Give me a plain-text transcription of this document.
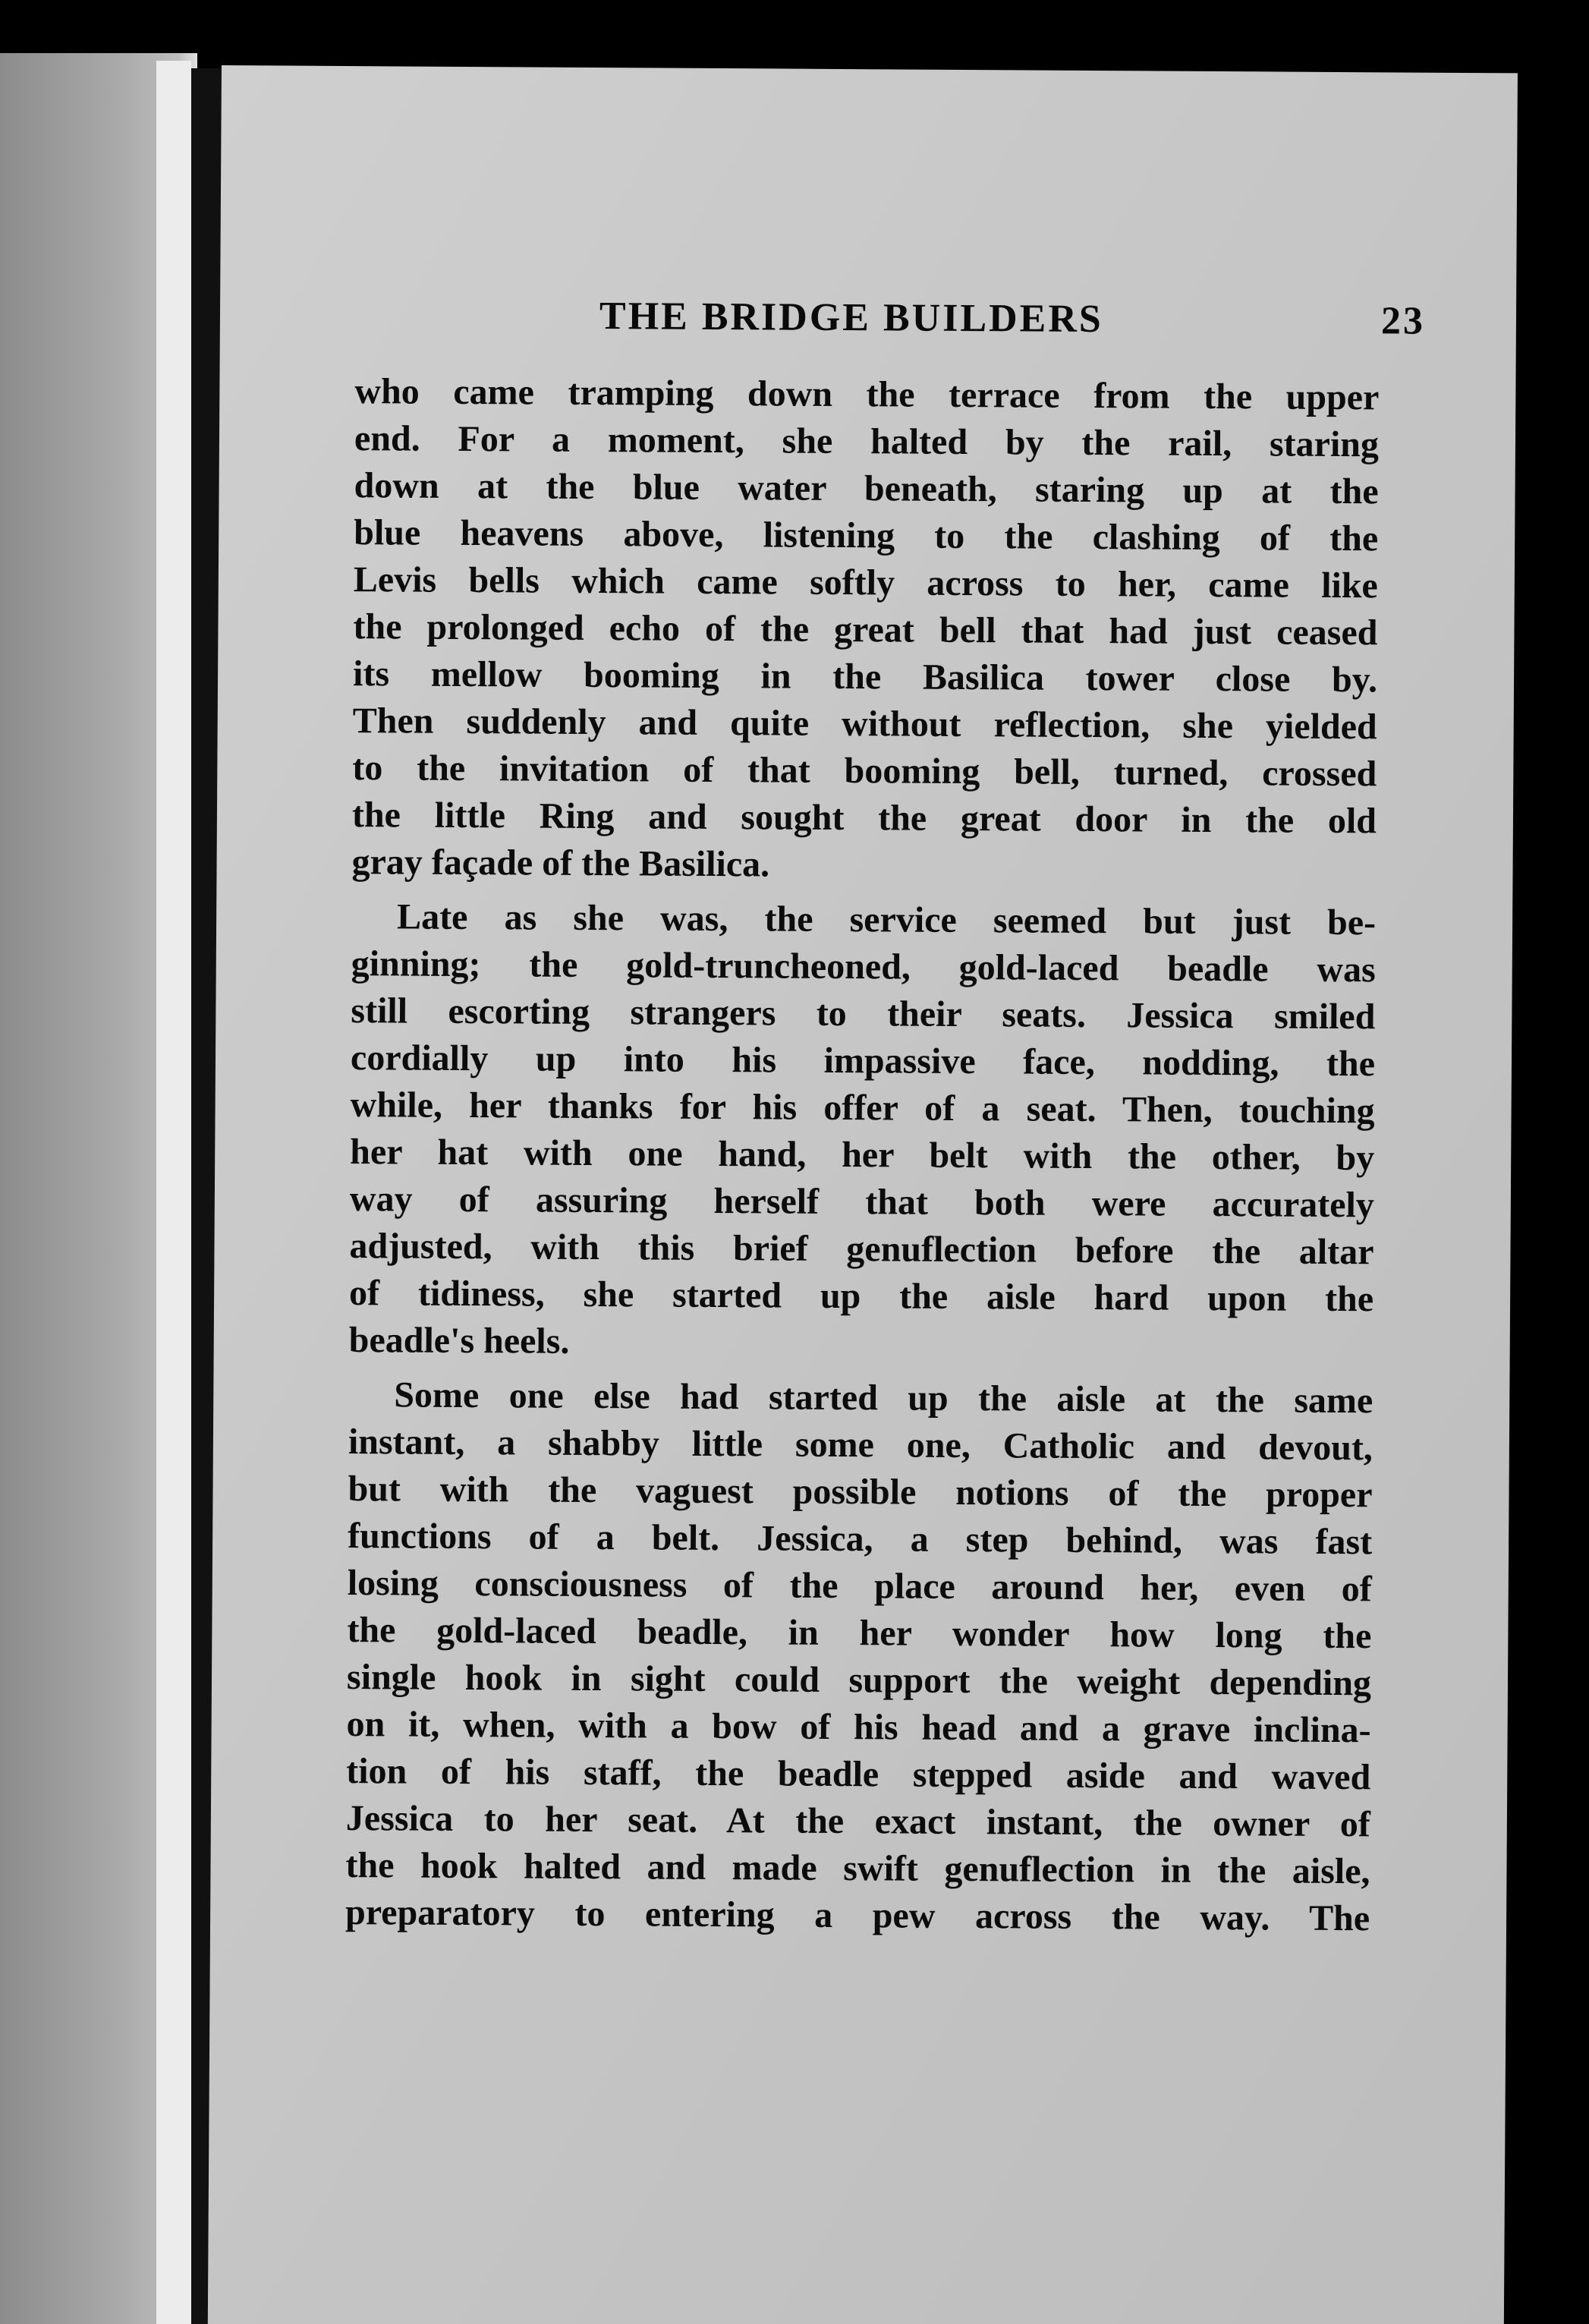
THE BRIDGE BUILDERS	23

who came tramping down the terrace from the upper
end. For a moment, she halted by the rail, staring
down at the blue water beneath, staring up at the
blue heavens above, listening to the clashing of the
Levis bells which came softly across to her, came like
the prolonged echo of the great bell that had just ceased
its mellow booming in the Basilica tower close by.
Then suddenly and quite without reflection, she yielded
to the invitation of that booming bell, turned, crossed
the little Ring and sought the great door in the old
gray façade of the Basilica.

Late as she was, the service seemed but just be-
ginning; the gold-truncheoned, gold-laced beadle was
still escorting strangers to their seats. Jessica smiled
cordially up into his impassive face, nodding, the
while, her thanks for his offer of a seat. Then, touching
her hat with one hand, her belt with the other, by
way of assuring herself that both were accurately
adjusted, with this brief genuflection before the altar
of tidiness, she started up the aisle hard upon the
beadle's heels.

Some one else had started up the aisle at the same
instant, a shabby little some one, Catholic and devout,
but with the vaguest possible notions of the proper
functions of a belt. Jessica, a step behind, was fast
losing consciousness of the place around her, even of
the gold-laced beadle, in her wonder how long the
single hook in sight could support the weight depending
on it, when, with a bow of his head and a grave inclina-
tion of his staff, the beadle stepped aside and waved
Jessica to her seat. At the exact instant, the owner of
the hook halted and made swift genuflection in the aisle,
preparatory to entering a pew across the way. The
